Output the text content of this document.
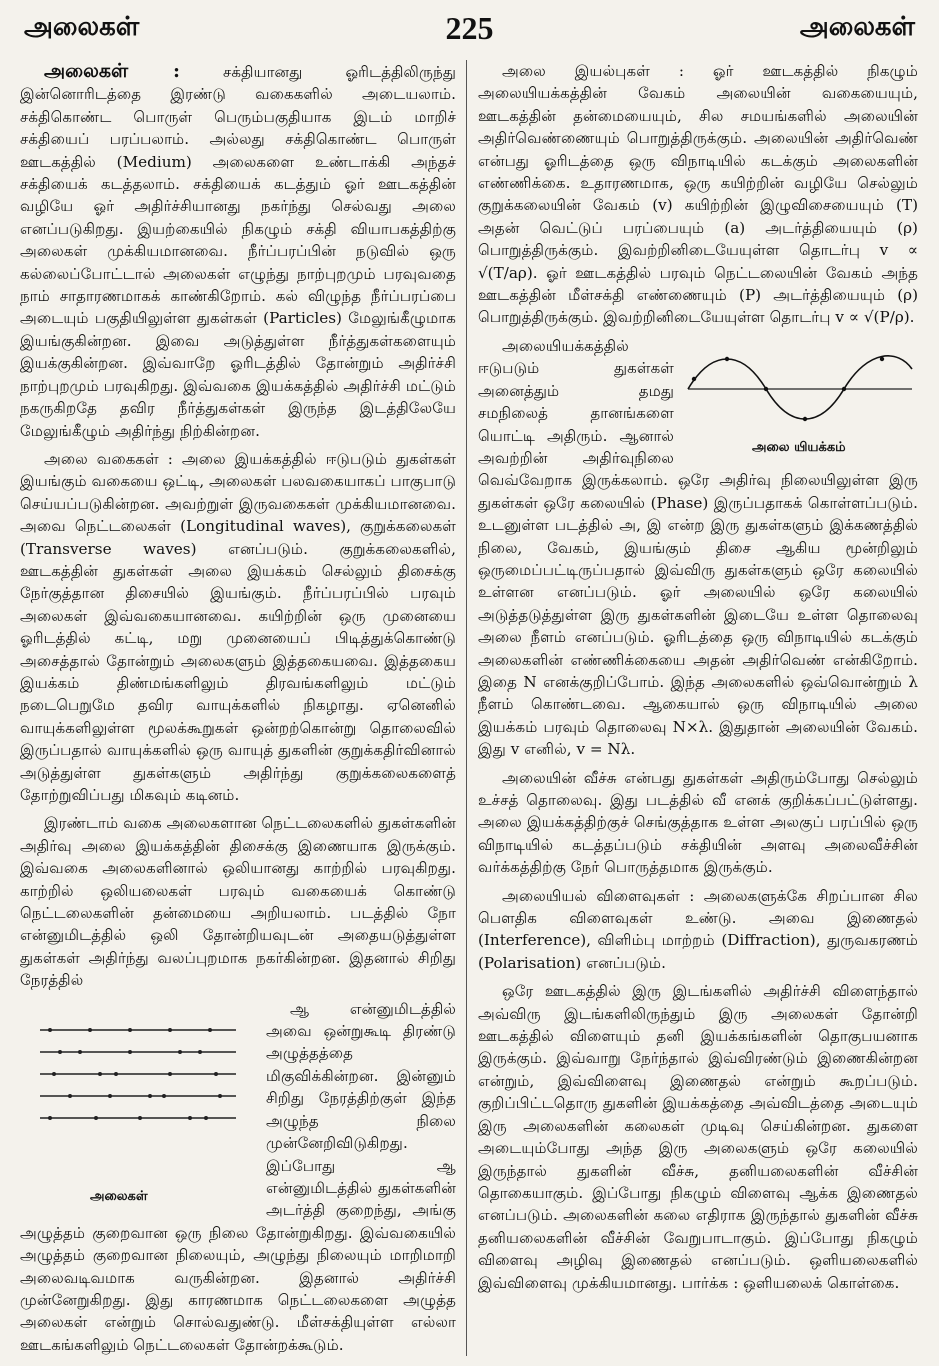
அலைகள்	225	அலைகள்

அலைகள் : சக்தியானது ஓரிடத்திலிருந்து இன்னொரிடத்தை இரண்டு வகைகளில் அடையலாம். சக்திகொண்ட பொருள் பெரும்பகுதியாக இடம் மாறிச் சக்தியைப் பரப்பலாம். அல்லது சக்திகொண்ட பொருள் ஊடகத்தில் (Medium) அலைகளை உண்டாக்கி அந்தச் சக்தியைக் கடத்தலாம். சக்தியைக் கடத்தும் ஓர் ஊடகத்தின் வழியே ஓர் அதிர்ச்சியானது நகர்ந்து செல்வது அலை எனப்படுகிறது. இயற்கையில் நிகழும் சக்தி வியாபகத்திற்கு அலைகள் முக்கியமானவை. நீர்ப்பரப்பின் நடுவில் ஒரு கல்லைப்போட்டால் அலைகள் எழுந்து நாற்புறமும் பரவுவதை நாம் சாதாரணமாகக் காண்கிறோம். கல் விழுந்த நீர்ப்பரப்பை அடையும் பகுதியிலுள்ள துகள்கள் (Particles) மேலுங்கீழுமாக இயங்குகின்றன. இவை அடுத்துள்ள நீர்த்துகள்களையும் இயக்குகின்றன. இவ்வாறே ஓரிடத்தில் தோன்றும் அதிர்ச்சி நாற்புறமும் பரவுகிறது. இவ்வகை இயக்கத்தில் அதிர்ச்சி மட்டும் நகருகிறதே தவிர நீர்த்துகள்கள் இருந்த இடத்திலேயே மேலுங்கீழும் அதிர்ந்து நிற்கின்றன.

அலை வகைகள் : அலை இயக்கத்தில் ஈடுபடும் துகள்கள் இயங்கும் வகையை ஒட்டி, அலைகள் பலவகையாகப் பாகுபாடு செய்யப்படுகின்றன. அவற்றுள் இருவகைகள் முக்கியமானவை. அவை நெட்டலைகள் (Longitudinal waves), குறுக்கலைகள் (Transverse waves) எனப்படும். குறுக்கலைகளில், ஊடகத்தின் துகள்கள் அலை இயக்கம் செல்லும் திசைக்கு நேர்குத்தான திசையில் இயங்கும். நீர்ப்பரப்பில் பரவும் அலைகள் இவ்வகையானவை. கயிற்றின் ஒரு முனையை ஓரிடத்தில் கட்டி, மறு முனையைப் பிடித்துக்கொண்டு அசைத்தால் தோன்றும் அலைகளும் இத்தகையவை. இத்தகைய இயக்கம் திண்மங்களிலும் திரவங்களிலும் மட்டும் நடைபெறுமே தவிர வாயுக்களில் நிகழாது. ஏனெனில் வாயுக்களிலுள்ள மூலக்கூறுகள் ஒன்றற்கொன்று தொலைவில் இருப்பதால் வாயுக்களில் ஒரு வாயுத் துகளின் குறுக்கதிர்வினால் அடுத்துள்ள துகள்களும் அதிர்ந்து குறுக்கலைகளைத் தோற்றுவிப்பது மிகவும் கடினம்.

இரண்டாம் வகை அலைகளான நெட்டலைகளில் துகள்களின் அதிர்வு அலை இயக்கத்தின் திசைக்கு இணையாக இருக்கும். இவ்வகை அலைகளினால் ஒலியானது காற்றில் பரவுகிறது. காற்றில் ஒலியலைகள் பரவும் வகையைக் கொண்டு நெட்டலைகளின் தன்மையை அறியலாம். படத்தில் நோ என்னுமிடத்தில் ஒலி தோன்றியவுடன் அதையடுத்துள்ள துகள்கள் அதிர்ந்து வலப்புறமாக நகர்கின்றன. இதனால் சிறிது நேரத்தில்

அலைகள்

ஆ என்னுமிடத்தில் அவை ஒன்றுகூடி திரண்டு அழுத்தத்தை மிகுவிக்கின்றன. இன்னும் சிறிது நேரத்திற்குள் இந்த அழுந்த நிலை முன்னேறிவிடுகிறது. இப்போது ஆ என்னுமிடத்தில் துகள்களின் அடர்த்தி குறைந்து, அங்கு அழுத்தம் குறைவான ஒரு நிலை தோன்றுகிறது. இவ்வகையில் அழுத்தம் குறைவான நிலையும், அழுந்து நிலையும் மாறிமாறி அலைவடிவமாக வருகின்றன. இதனால் அதிர்ச்சி முன்னேறுகிறது. இது காரணமாக நெட்டலைகளை அழுத்த அலைகள் என்றும் சொல்வதுண்டு. மீள்சக்தியுள்ள எல்லா ஊடகங்களிலும் நெட்டலைகள் தோன்றக்கூடும்.

அலை இயல்புகள் : ஓர் ஊடகத்தில் நிகழும் அலையியக்கத்தின் வேகம் அலையின் வகையையும், ஊடகத்தின் தன்மையையும், சில சமயங்களில் அலையின் அதிர்வெண்ணையும் பொறுத்திருக்கும். அலையின் அதிர்வெண் என்பது ஓரிடத்தை ஒரு விநாடியில் கடக்கும் அலைகளின் எண்ணிக்கை. உதாரணமாக, ஒரு கயிற்றின் வழியே செல்லும் குறுக்கலையின் வேகம் (v) கயிற்றின் இழுவிசையையும் (T) அதன் வெட்டுப் பரப்பையும் (a) அடர்த்தியையும் (ρ) பொறுத்திருக்கும். இவற்றினிடையேயுள்ள தொடர்பு v ∝ √(T/aρ). ஓர் ஊடகத்தில் பரவும் நெட்டலையின் வேகம் அந்த ஊடகத்தின் மீள்சக்தி எண்ணையும் (P) அடர்த்தியையும் (ρ) பொறுத்திருக்கும். இவற்றினிடையேயுள்ள தொடர்பு v ∝ √(P/ρ).

அலை யியக்கம்

அலையியக்கத்தில் ஈடுபடும் துகள்கள் அனைத்தும் தமது சமநிலைத் தானங்களை யொட்டி அதிரும். ஆனால் அவற்றின் அதிர்வுநிலை வெவ்வேறாக இருக்கலாம். ஒரே அதிர்வு நிலையிலுள்ள இரு துகள்கள் ஒரே கலையில் (Phase) இருப்பதாகக் கொள்ளப்படும். உடனுள்ள படத்தில் அ, இ என்ற இரு துகள்களும் இக்கணத்தில் நிலை, வேகம், இயங்கும் திசை ஆகிய மூன்றிலும் ஒருமைப்பட்டிருப்பதால் இவ்விரு துகள்களும் ஒரே கலையில் உள்ளன எனப்படும். ஓர் அலையில் ஒரே கலையில் அடுத்தடுத்துள்ள இரு துகள்களின் இடையே உள்ள தொலைவு அலை நீளம் எனப்படும். ஓரிடத்தை ஒரு விநாடியில் கடக்கும் அலைகளின் எண்ணிக்கையை அதன் அதிர்வெண் என்கிறோம். இதை N எனக்குறிப்போம். இந்த அலைகளில் ஒவ்வொன்றும் λ நீளம் கொண்டவை. ஆகையால் ஒரு விநாடியில் அலை இயக்கம் பரவும் தொலைவு N×λ. இதுதான் அலையின் வேகம். இது v எனில், v = Nλ.

அலையின் வீச்சு என்பது துகள்கள் அதிரும்போது செல்லும் உச்சத் தொலைவு. இது படத்தில் வீ எனக் குறிக்கப்பட்டுள்ளது. அலை இயக்கத்திற்குச் செங்குத்தாக உள்ள அலகுப் பரப்பில் ஒரு விநாடியில் கடத்தப்படும் சக்தியின் அளவு அலைவீச்சின் வர்க்கத்திற்கு நேர் பொருத்தமாக இருக்கும்.

அலையியல் விளைவுகள் : அலைகளுக்கே சிறப்பான சில பௌதிக விளைவுகள் உண்டு. அவை இணைதல் (Interference), விளிம்பு மாற்றம் (Diffraction), துருவகரணம் (Polarisation) எனப்படும்.

ஒரே ஊடகத்தில் இரு இடங்களில் அதிர்ச்சி விளைந்தால் அவ்விரு இடங்களிலிருந்தும் இரு அலைகள் தோன்றி ஊடகத்தில் விளையும் தனி இயக்கங்களின் தொகுபயனாக இருக்கும். இவ்வாறு நேர்ந்தால் இவ்விரண்டும் இணைகின்றன என்றும், இவ்விளைவு இணைதல் என்றும் கூறப்படும். குறிப்பிட்டதொரு துகளின் இயக்கத்தை அவ்விடத்தை அடையும் இரு அலைகளின் கலைகள் முடிவு செய்கின்றன. துகளை அடையும்போது அந்த இரு அலைகளும் ஒரே கலையில் இருந்தால் துகளின் வீச்சு, தனியலைகளின் வீச்சின் தொகையாகும். இப்போது நிகழும் விளைவு ஆக்க இணைதல் எனப்படும். அலைகளின் கலை எதிராக இருந்தால் துகளின் வீச்சு தனியலைகளின் வீச்சின் வேறுபாடாகும். இப்போது நிகழும் விளைவு அழிவு இணைதல் எனப்படும். ஒளியலைகளில் இவ்விளைவு முக்கியமானது. பார்க்க : ஒளியலைக் கொள்கை.
